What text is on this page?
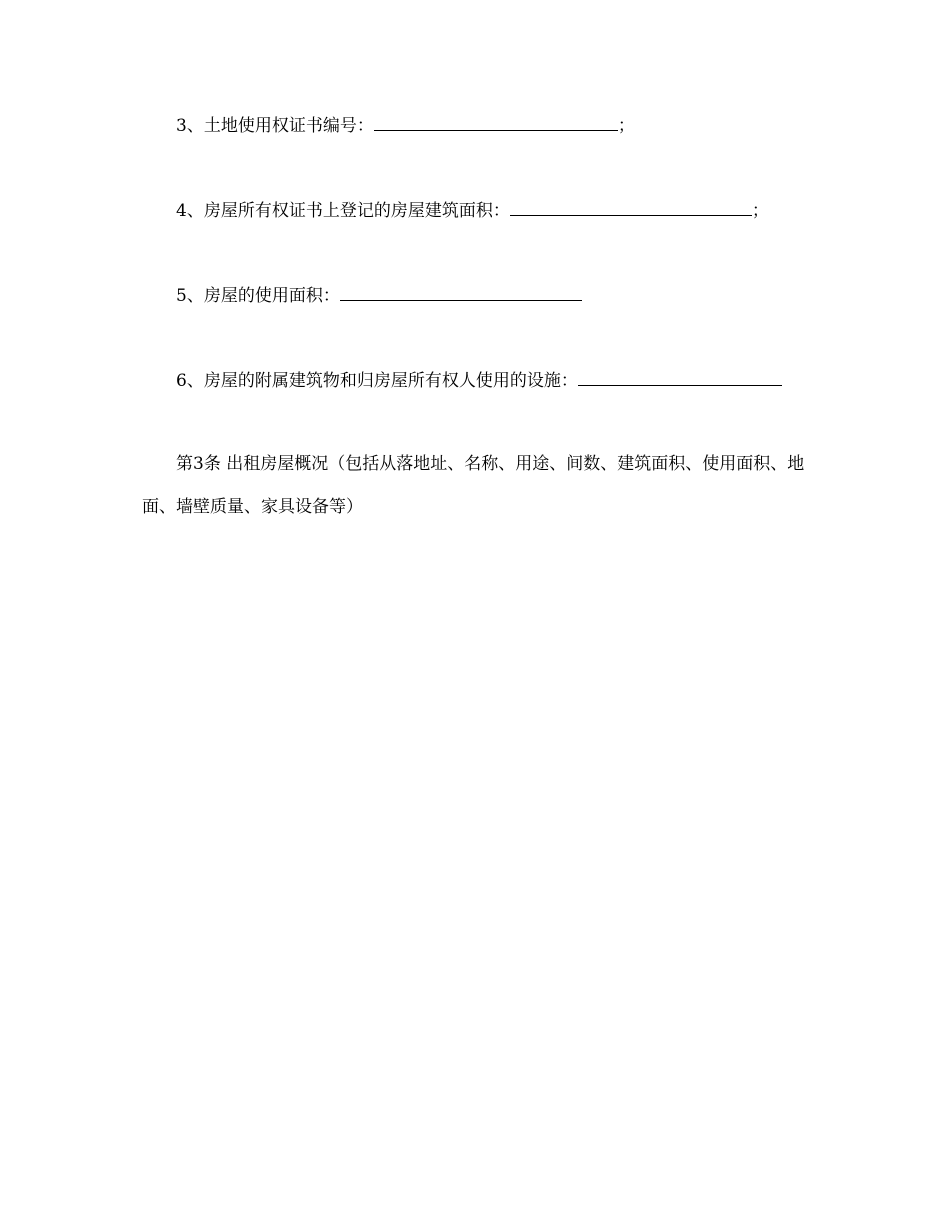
3、土地使用权证书编号：	；
4、房屋所有权证书上登记的房屋建筑面积：	；
5、房屋的使用面积：
6、房屋的附属建筑物和归房屋所有权人使用的设施：
第3条 出租房屋概况（包括从落地址、名称、用途、间数、建筑面积、使用面积、地面、墙壁质量、家具设备等）
